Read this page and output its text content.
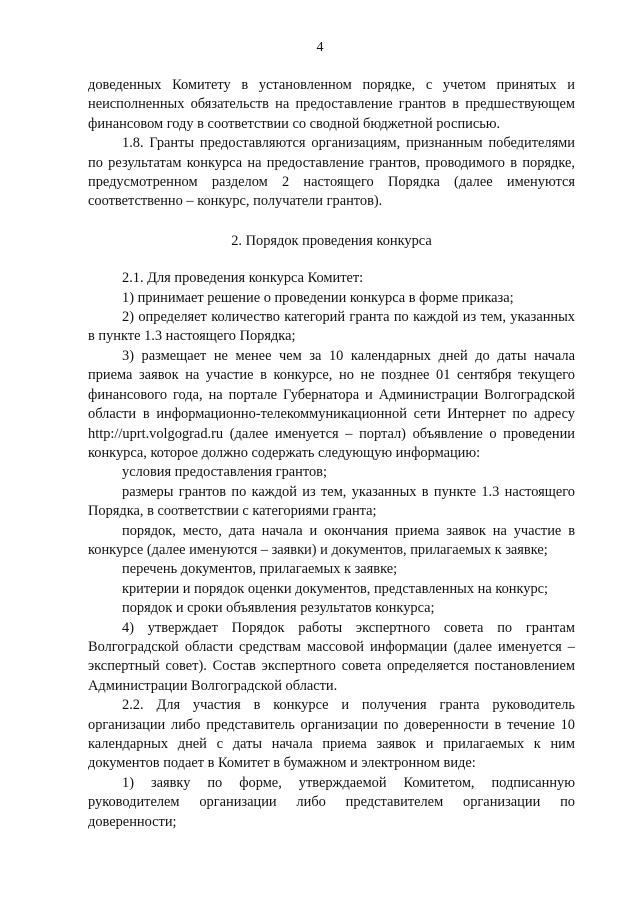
4

доведенных Комитету в установленном порядке, с учетом принятых и неисполненных обязательств на предоставление грантов в предшествующем финансовом году в соответствии со сводной бюджетной росписью.

1.8. Гранты предоставляются организациям, признанным победителями по результатам конкурса на предоставление грантов, проводимого в порядке, предусмотренном разделом 2 настоящего Порядка (далее именуются соответственно – конкурс, получатели грантов).

2. Порядок проведения конкурса

2.1. Для проведения конкурса Комитет:

1) принимает решение о проведении конкурса в форме приказа;

2) определяет количество категорий гранта по каждой из тем, указанных в пункте 1.3 настоящего Порядка;

3) размещает не менее чем за 10 календарных дней до даты начала приема заявок на участие в конкурсе, но не позднее 01 сентября текущего финансового года, на портале Губернатора и Администрации Волгоградской области в информационно-телекоммуникационной сети Интернет по адресу http://uprt.volgograd.ru (далее именуется – портал) объявление о проведении конкурса, которое должно содержать следующую информацию:

условия предоставления грантов;

размеры грантов по каждой из тем, указанных в пункте 1.3 настоящего Порядка, в соответствии с категориями гранта;

порядок, место, дата начала и окончания приема заявок на участие в конкурсе (далее именуются – заявки) и документов, прилагаемых к заявке;

перечень документов, прилагаемых к заявке;

критерии и порядок оценки документов, представленных на конкурс;

порядок и сроки объявления результатов конкурса;

4) утверждает Порядок работы экспертного совета по грантам Волгоградской области средствам массовой информации (далее именуется – экспертный совет). Состав экспертного совета определяется постановлением Администрации Волгоградской области.

2.2. Для участия в конкурсе и получения гранта руководитель организации либо представитель организации по доверенности в течение 10 календарных дней с даты начала приема заявок и прилагаемых к ним документов подает в Комитет в бумажном и электронном виде:

1) заявку по форме, утверждаемой Комитетом, подписанную руководителем организации либо представителем организации по доверенности;
